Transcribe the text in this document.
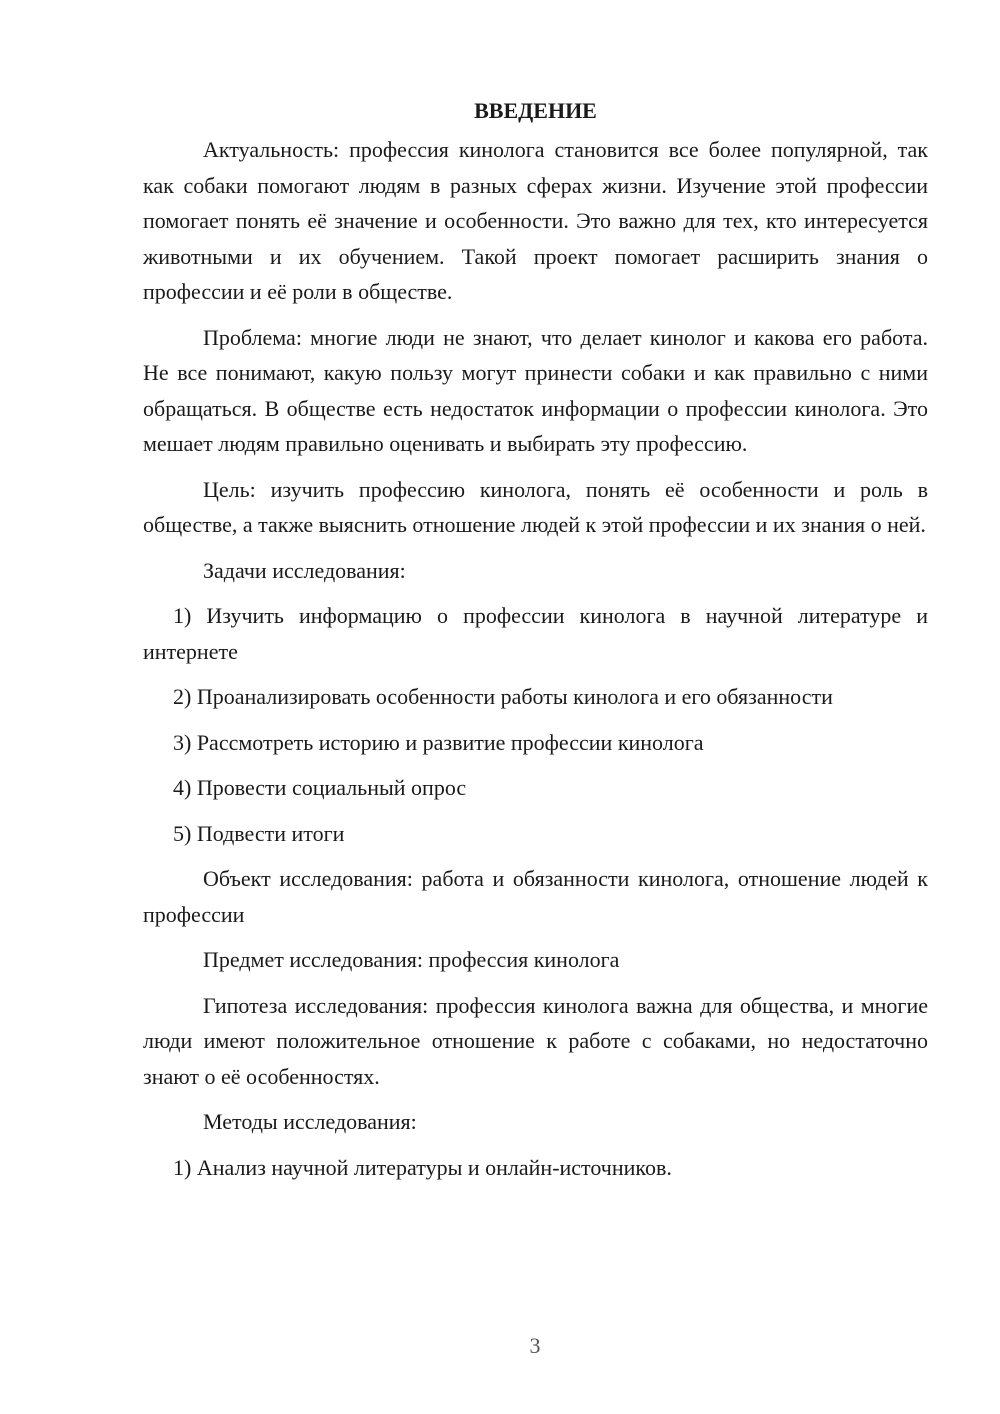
ВВЕДЕНИЕ

Актуальность: профессия кинолога становится все более популярной, так как собаки помогают людям в разных сферах жизни. Изучение этой профессии помогает понять её значение и особенности. Это важно для тех, кто интересуется животными и их обучением. Такой проект помогает расширить знания о профессии и её роли в обществе.

Проблема: многие люди не знают, что делает кинолог и какова его работа. Не все понимают, какую пользу могут принести собаки и как правильно с ними обращаться. В обществе есть недостаток информации о профессии кинолога. Это мешает людям правильно оценивать и выбирать эту профессию.

Цель: изучить профессию кинолога, понять её особенности и роль в обществе, а также выяснить отношение людей к этой профессии и их знания о ней.

Задачи исследования:

1) Изучить информацию о профессии кинолога в научной литературе и интернете

2) Проанализировать особенности работы кинолога и его обязанности

3) Рассмотреть историю и развитие профессии кинолога

4) Провести социальный опрос

5) Подвести итоги

Объект исследования: работа и обязанности кинолога, отношение людей к профессии

Предмет исследования: профессия кинолога

Гипотеза исследования: профессия кинолога важна для общества, и многие люди имеют положительное отношение к работе с собаками, но недостаточно знают о её особенностях.

Методы исследования:

1) Анализ научной литературы и онлайн-источников.

3
